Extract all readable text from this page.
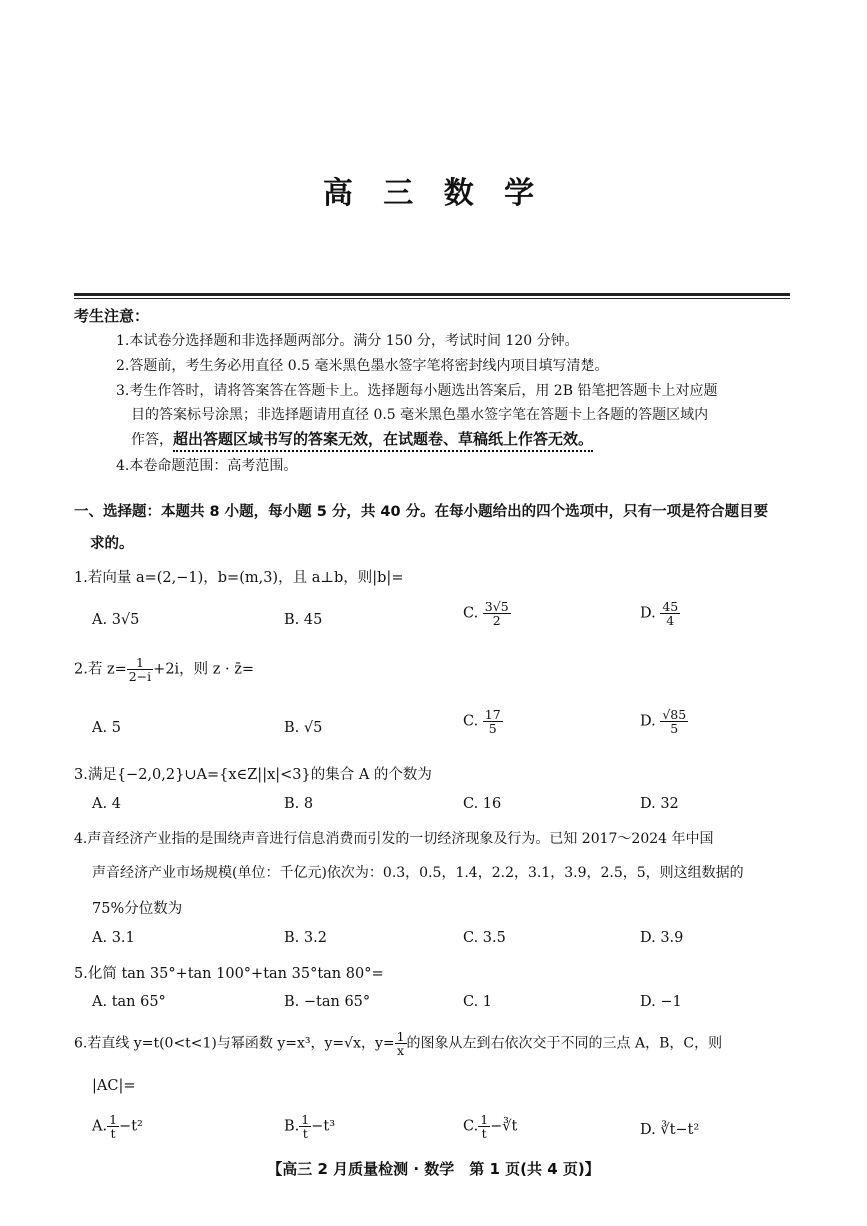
高 三 数 学
考生注意：
1.本试卷分选择题和非选择题两部分。满分 150 分，考试时间 120 分钟。
2.答题前，考生务必用直径 0.5 毫米黑色墨水签字笔将密封线内项目填写清楚。
3.考生作答时，请将答案答在答题卡上。选择题每小题选出答案后，用 2B 铅笔把答题卡上对应题
目的答案标号涂黑；非选择题请用直径 0.5 毫米黑色墨水签字笔在答题卡上各题的答题区域内
作答，超出答题区域书写的答案无效，在试题卷、草稿纸上作答无效。
4.本卷命题范围：高考范围。
一、选择题：本题共 8 小题，每小题 5 分，共 40 分。在每小题给出的四个选项中，只有一项是符合题目要
求的。
1.若向量 a=(2,−1)，b=(m,3)，且 a⊥b，则|b|=
A. 3√5	B. 45	C. $\frac{3√5}{2}$	D. $\frac{45}{4}$
2.若 $z= \frac{1}{2-i} +2i$，则 z · z̄=
A. 5	B. √5	C. $\frac{17}{5}$	D. $\frac{√85}{5}$
3.满足{−2,0,2}∪A={x∈Z||x|<3}的集合 A 的个数为
A. 4	B. 8	C. 16	D. 32
4.声音经济产业指的是围绕声音进行信息消费而引发的一切经济现象及行为。已知 2017～2024 年中国
声音经济产业市场规模(单位：千亿元)依次为：0.3，0.5，1.4，2.2，3.1，3.9，2.5，5，则这组数据的
75%分位数为
A. 3.1	B. 3.2	C. 3.5	D. 3.9
5.化简 tan 35°+tan 100°+tan 35°tan 80°=
A. tan 65°	B. −tan 65°	C. 1	D. −1
6.若直线 y=t(0<t<1)与幂函数 y=x³，y=√x，$y= \frac{1}{x}$ 的图象从左到右依次交于不同的三点 A，B，C，则
|AC|=
A. $\frac{1}{t} -t^2$	B. $\frac{1}{t} -t^3$	C. $\frac{1}{t}$ −∛t	D. ∛t−t²
【高三 2 月质量检测 · 数学　第 1 页(共 4 页)】
